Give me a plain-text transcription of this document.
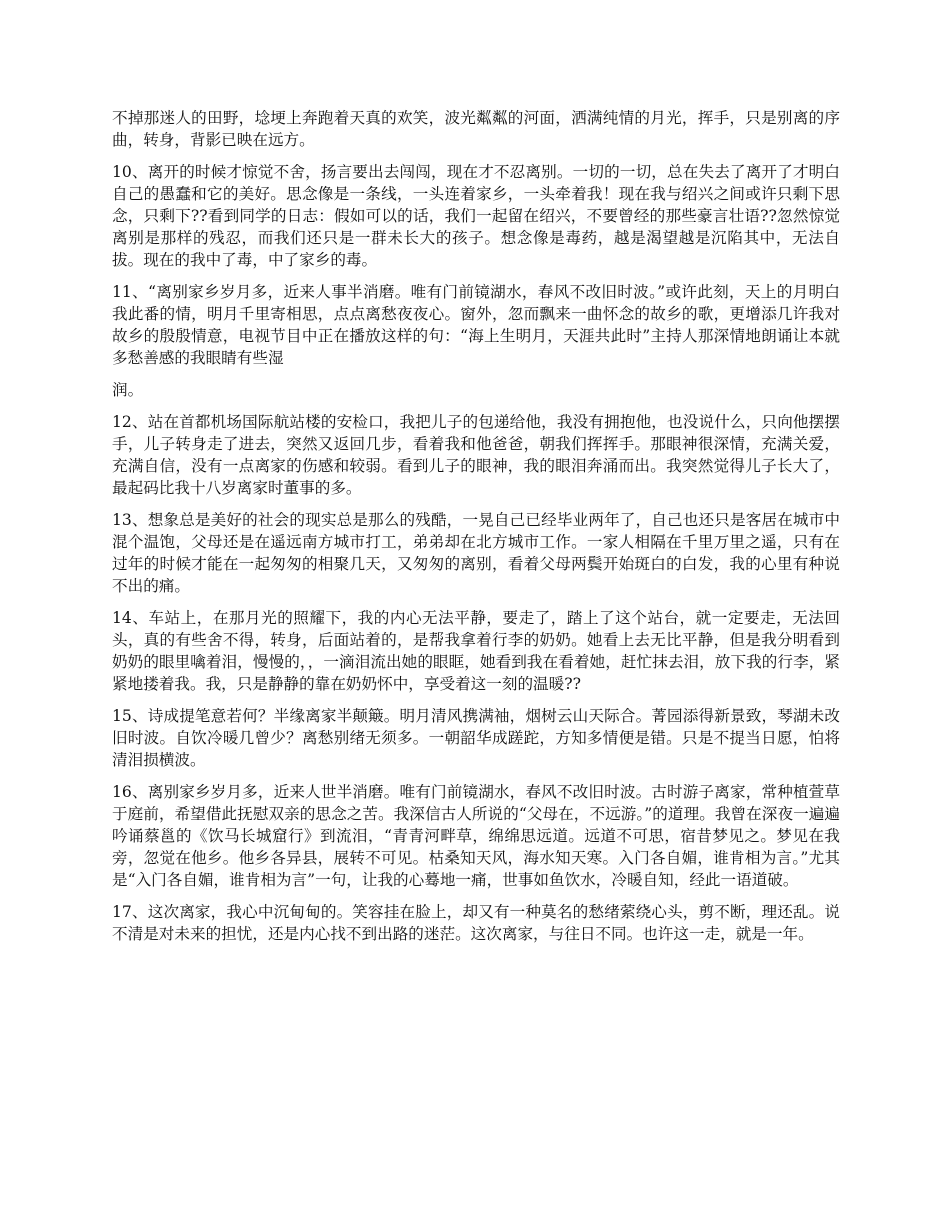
不掉那迷人的田野，埝埂上奔跑着天真的欢笑，波光粼粼的河面，洒满纯情的月光，挥手，只是别离的序曲，转身，背影已映在远方。

10、离开的时候才惊觉不舍，扬言要出去闯闯，现在才不忍离别。一切的一切，总在失去了离开了才明白自己的愚蠢和它的美好。思念像是一条线，一头连着家乡，一头牵着我！现在我与绍兴之间或许只剩下思念，只剩下??看到同学的日志：假如可以的话，我们一起留在绍兴，不要曾经的那些豪言壮语??忽然惊觉离别是那样的残忍，而我们还只是一群未长大的孩子。想念像是毒药，越是渴望越是沉陷其中，无法自拔。现在的我中了毒，中了家乡的毒。

11、“离别家乡岁月多，近来人事半消磨。唯有门前镜湖水，春风不改旧时波。”或许此刻，天上的月明白我此番的情，明月千里寄相思，点点离愁夜夜心。窗外，忽而飘来一曲怀念的故乡的歌，更增添几许我对故乡的殷殷情意，电视节目中正在播放这样的句：“海上生明月，天涯共此时”主持人那深情地朗诵让本就多愁善感的我眼睛有些湿

润。

12、站在首都机场国际航站楼的安检口，我把儿子的包递给他，我没有拥抱他，也没说什么，只向他摆摆手，儿子转身走了进去，突然又返回几步，看着我和他爸爸，朝我们挥挥手。那眼神很深情，充满关爱，充满自信，没有一点离家的伤感和较弱。看到儿子的眼神，我的眼泪奔涌而出。我突然觉得儿子长大了，最起码比我十八岁离家时董事的多。

13、想象总是美好的社会的现实总是那么的残酷，一晃自己已经毕业两年了，自己也还只是客居在城市中混个温饱，父母还是在遥远南方城市打工，弟弟却在北方城市工作。一家人相隔在千里万里之遥，只有在过年的时候才能在一起匆匆的相聚几天，又匆匆的离别，看着父母两鬓开始斑白的白发，我的心里有种说不出的痛。

14、车站上，在那月光的照耀下，我的内心无法平静，要走了，踏上了这个站台，就一定要走，无法回头，真的有些舍不得，转身，后面站着的，是帮我拿着行李的奶奶。她看上去无比平静，但是我分明看到奶奶的眼里噙着泪，慢慢的，，一滴泪流出她的眼眶，她看到我在看着她，赶忙抹去泪，放下我的行李，紧紧地搂着我。我，只是静静的靠在奶奶怀中，享受着这一刻的温暖??

15、诗成提笔意若何？半缘离家半颠簸。明月清风携满袖，烟树云山天际合。菁园添得新景致，琴湖未改旧时波。自饮冷暖几曾少？离愁别绪无须多。一朝韶华成蹉跎，方知多情便是错。只是不提当日愿，怕将清泪损横波。

16、离别家乡岁月多，近来人世半消磨。唯有门前镜湖水，春风不改旧时波。古时游子离家，常种植萱草于庭前，希望借此抚慰双亲的思念之苦。我深信古人所说的“父母在，不远游。”的道理。我曾在深夜一遍遍吟诵蔡邕的《饮马长城窟行》到流泪，“青青河畔草，绵绵思远道。远道不可思，宿昔梦见之。梦见在我旁，忽觉在他乡。他乡各异县，展转不可见。枯桑知天风，海水知天寒。入门各自媚，谁肯相为言。”尤其是“入门各自媚，谁肯相为言”一句，让我的心蓦地一痛，世事如鱼饮水，冷暖自知，经此一语道破。

17、这次离家，我心中沉甸甸的。笑容挂在脸上，却又有一种莫名的愁绪萦绕心头，剪不断，理还乱。说不清是对未来的担忧，还是内心找不到出路的迷茫。这次离家，与往日不同。也许这一走，就是一年。
